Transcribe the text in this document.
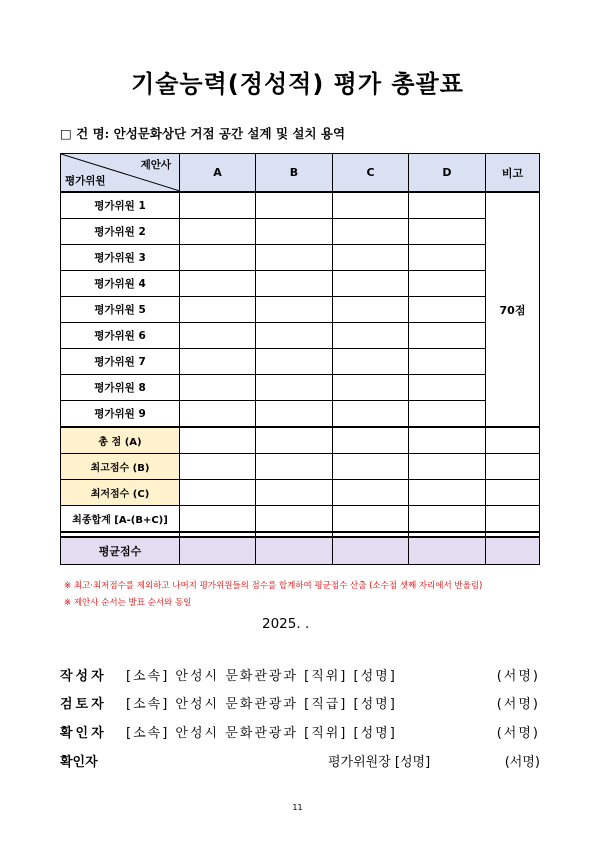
기술능력(정성적) 평가 총괄표
□ 건 명: 안성문화상단 거점 공간 설계 및 설치 용역
제안사
평가위원	A	B	C	D	비고
평가위원 1					70점
평가위원 2					
평가위원 3					
평가위원 4					
평가위원 5					
평가위원 6					
평가위원 7					
평가위원 8					
평가위원 9					
총 점 (A)					
최고점수 (B)					
최저점수 (C)					
최종합계 [A-(B+C)]					

평균점수					
※ 최고·최저점수를 제외하고 나머지 평가위원들의 점수를 합계하여 평균점수 산출 (소수점 셋째 자리에서 반올림)
※ 제안사 순서는 발표 순서와 동일
2025. .
작성자 [소속] 안성시 문화관광과 [직위] [성명]	(서명)
검토자 [소속] 안성시 문화관광과 [직급] [성명]	(서명)
확인자 [소속] 안성시 문화관광과 [직위] [성명]	(서명)
확인자	평가위원장 [성명]	(서명)
11
